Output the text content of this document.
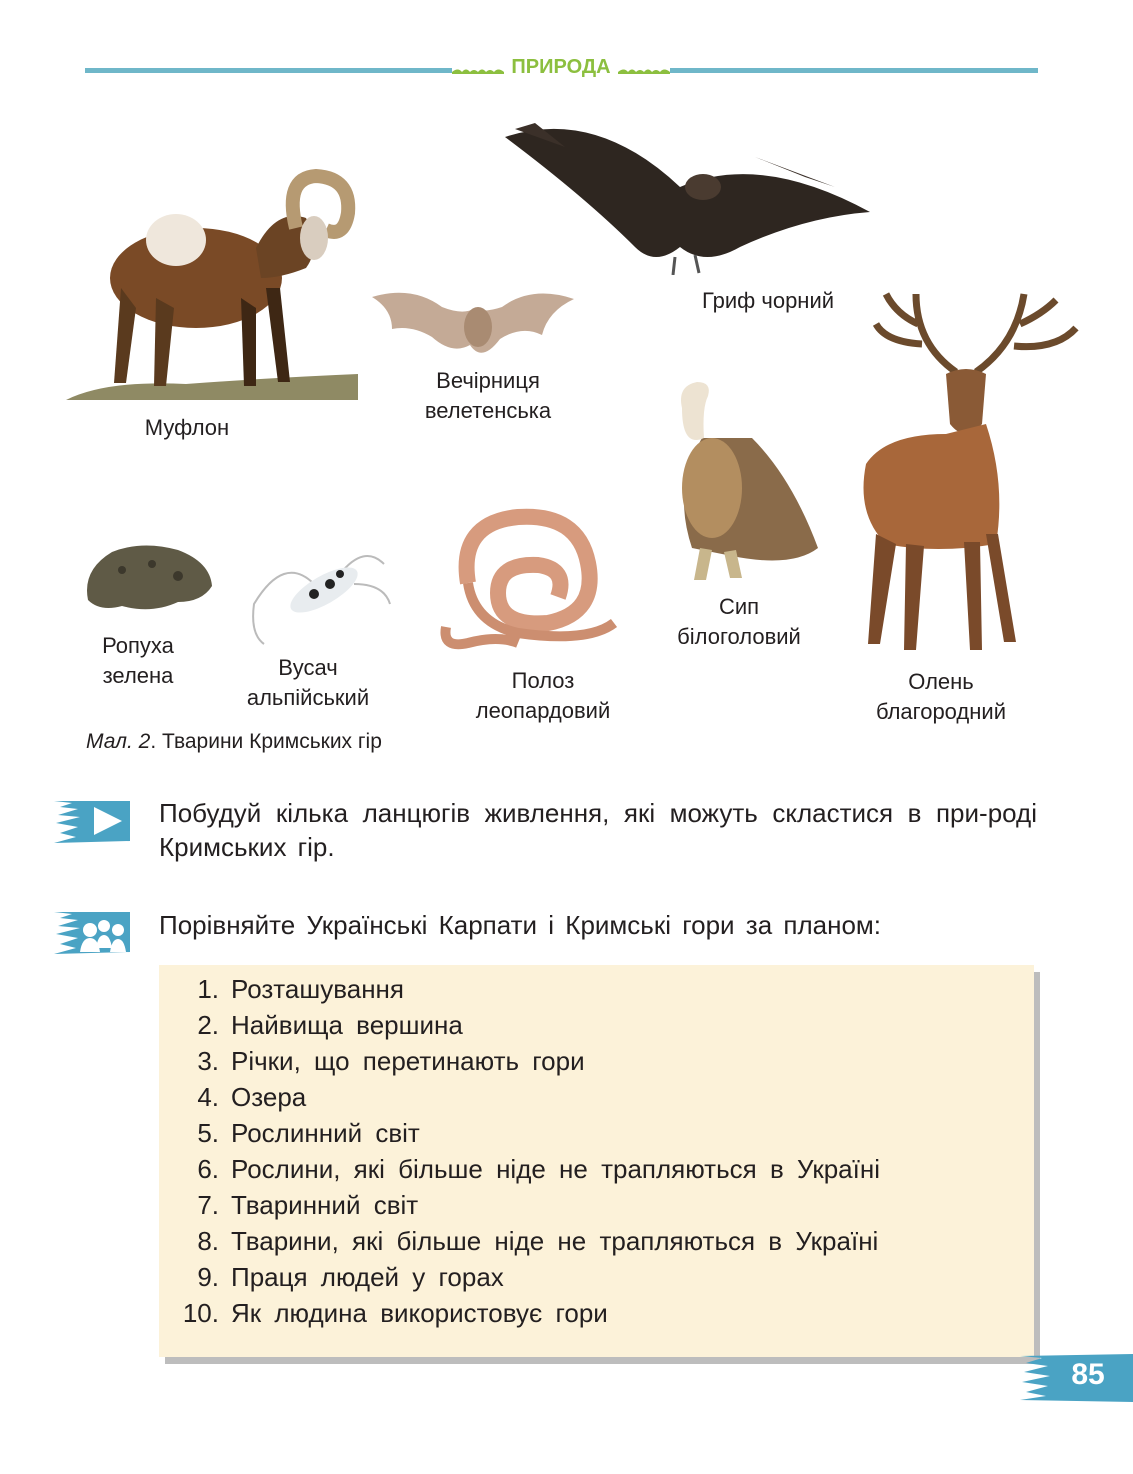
ПРИРОДА
Муфлон
Гриф чорний
Вечірниця
велетенська
Сип
білоголовий
Олень
благородний
Ропуха
зелена	Вусач
альпійський
Полоз
леопардовий
Мал. 2. Тварини Кримських гір
Побудуй кілька ланцюгів живлення, які можуть скластися в при-роді Кримських гір.
Порівняйте Українські Карпати і Кримські гори за планом:
1. Розташування
2. Найвища вершина
3. Річки, що перетинають гори
4. Озера
5. Рослинний світ
6. Рослини, які більше ніде не трапляються в Україні
7. Тваринний світ
8. Тварини, які більше ніде не трапляються в Україні
9. Праця людей у горах
10. Як людина використовує гори
85
